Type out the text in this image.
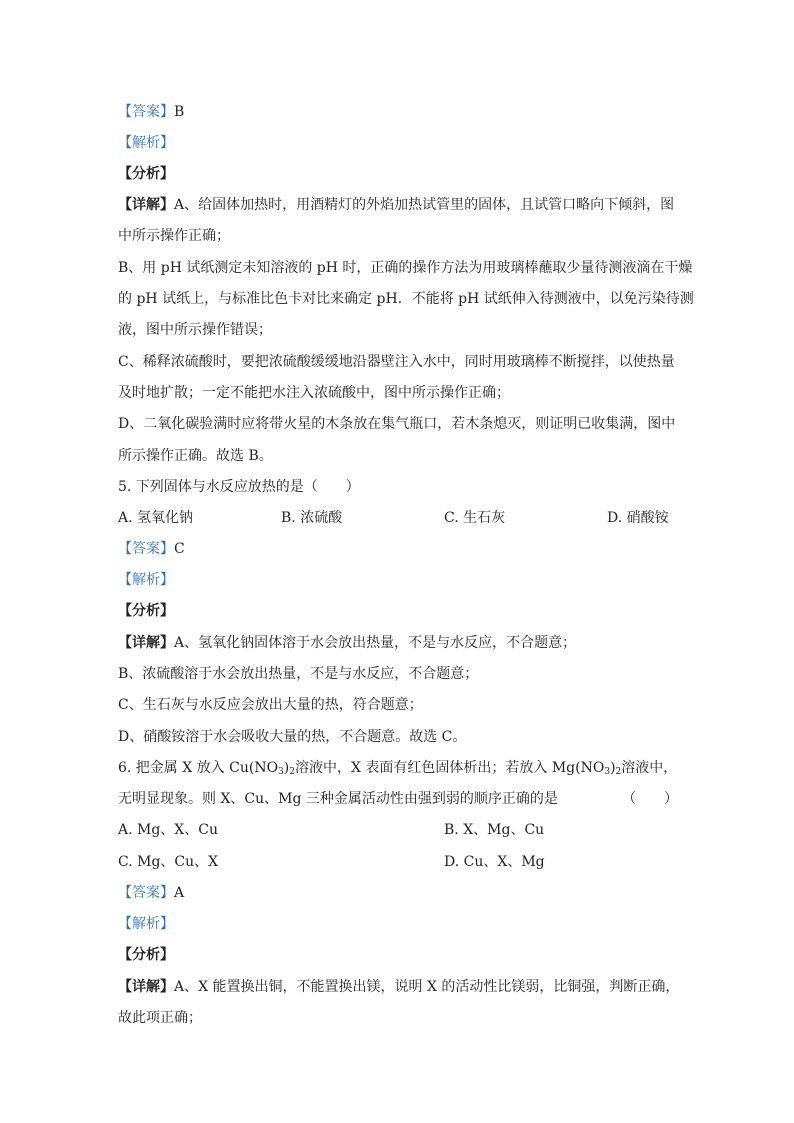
【答案】B
【解析】
【分析】
【详解】A、给固体加热时，用酒精灯的外焰加热试管里的固体，且试管口略向下倾斜，图
中所示操作正确；
B、用 pH 试纸测定未知溶液的 pH 时，正确的操作方法为用玻璃棒蘸取少量待测液滴在干燥
的 pH 试纸上，与标准比色卡对比来确定 pH．不能将 pH 试纸伸入待测液中，以免污染待测
液，图中所示操作错误；
C、稀释浓硫酸时，要把浓硫酸缓缓地沿器壁注入水中，同时用玻璃棒不断搅拌，以使热量
及时地扩散；一定不能把水注入浓硫酸中，图中所示操作正确；
D、二氧化碳验满时应将带火星的木条放在集气瓶口，若木条熄灭，则证明已收集满，图中
所示操作正确。故选 B。
5. 下列固体与水反应放热的是（　　）
A. 氢氧化钠	B. 浓硫酸	C. 生石灰	D. 硝酸铵
【答案】C
【解析】
【分析】
【详解】A、氢氧化钠固体溶于水会放出热量，不是与水反应，不合题意；
B、浓硫酸溶于水会放出热量，不是与水反应，不合题意；
C、生石灰与水反应会放出大量的热，符合题意；
D、硝酸铵溶于水会吸收大量的热，不合题意。故选 C。
6. 把金属 X 放入 $Cu(NO_3)_2$溶液中，X 表面有红色固体析出；若放入 $Mg(NO_3)_2$溶液中，
无明显现象。则 X、Cu、Mg 三种金属活动性由强到弱的顺序正确的是	（　　）
A. Mg、X、Cu	B. X、Mg、Cu
C. Mg、Cu、X	D. Cu、X、Mg
【答案】A
【解析】
【分析】
【详解】A、X 能置换出铜，不能置换出镁，说明 X 的活动性比镁弱，比铜强，判断正确，
故此项正确；
